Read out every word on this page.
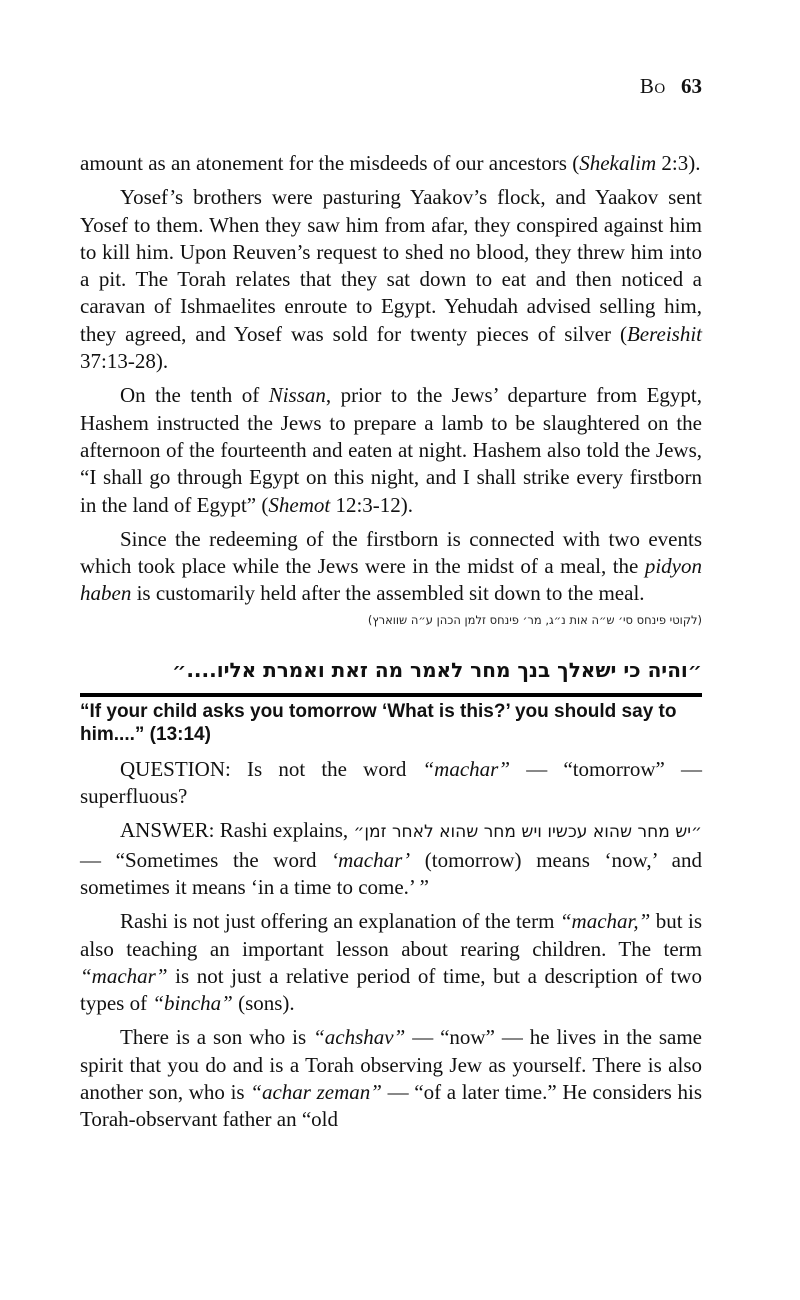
Bo 63

amount as an atonement for the misdeeds of our ancestors (Shekalim 2:3).

Yosef’s brothers were pasturing Yaakov’s flock, and Yaakov sent Yosef to them. When they saw him from afar, they conspired against him to kill him. Upon Reuven’s request to shed no blood, they threw him into a pit. The Torah relates that they sat down to eat and then noticed a caravan of Ishmaelites enroute to Egypt. Yehudah advised selling him, they agreed, and Yosef was sold for twenty pieces of silver (Bereishit 37:13-28).

On the tenth of Nissan, prior to the Jews’ departure from Egypt, Hashem instructed the Jews to prepare a lamb to be slaughtered on the afternoon of the fourteenth and eaten at night. Hashem also told the Jews, “I shall go through Egypt on this night, and I shall strike every firstborn in the land of Egypt” (Shemot 12:3-12).

Since the redeeming of the firstborn is connected with two events which took place while the Jews were in the midst of a meal, the pidyon haben is customarily held after the assembled sit down to the meal.

(לקוטי פינחס סי׳ ש״ה אות נ״ג, מר׳ פינחס זלמן הכהן ע״ה שווארץ)

״והיה כי ישאלך בנך מחר לאמר מה זאת ואמרת אליו....״

“If your child asks you tomorrow ‘What is this?’ you should say to him....” (13:14)

QUESTION: Is not the word “machar” — “tomorrow” — superfluous?

ANSWER: Rashi explains, ״יש מחר שהוא עכשיו ויש מחר שהוא לאחר זמן״ — “Sometimes the word ‘machar’ (tomorrow) means ‘now,’ and sometimes it means ‘in a time to come.’ ”

Rashi is not just offering an explanation of the term “machar,” but is also teaching an important lesson about rearing children. The term “machar” is not just a relative period of time, but a description of two types of “bincha” (sons).

There is a son who is “achshav” — “now” — he lives in the same spirit that you do and is a Torah observing Jew as yourself. There is also another son, who is “achar zeman” — “of a later time.” He considers his Torah-observant father an “old
